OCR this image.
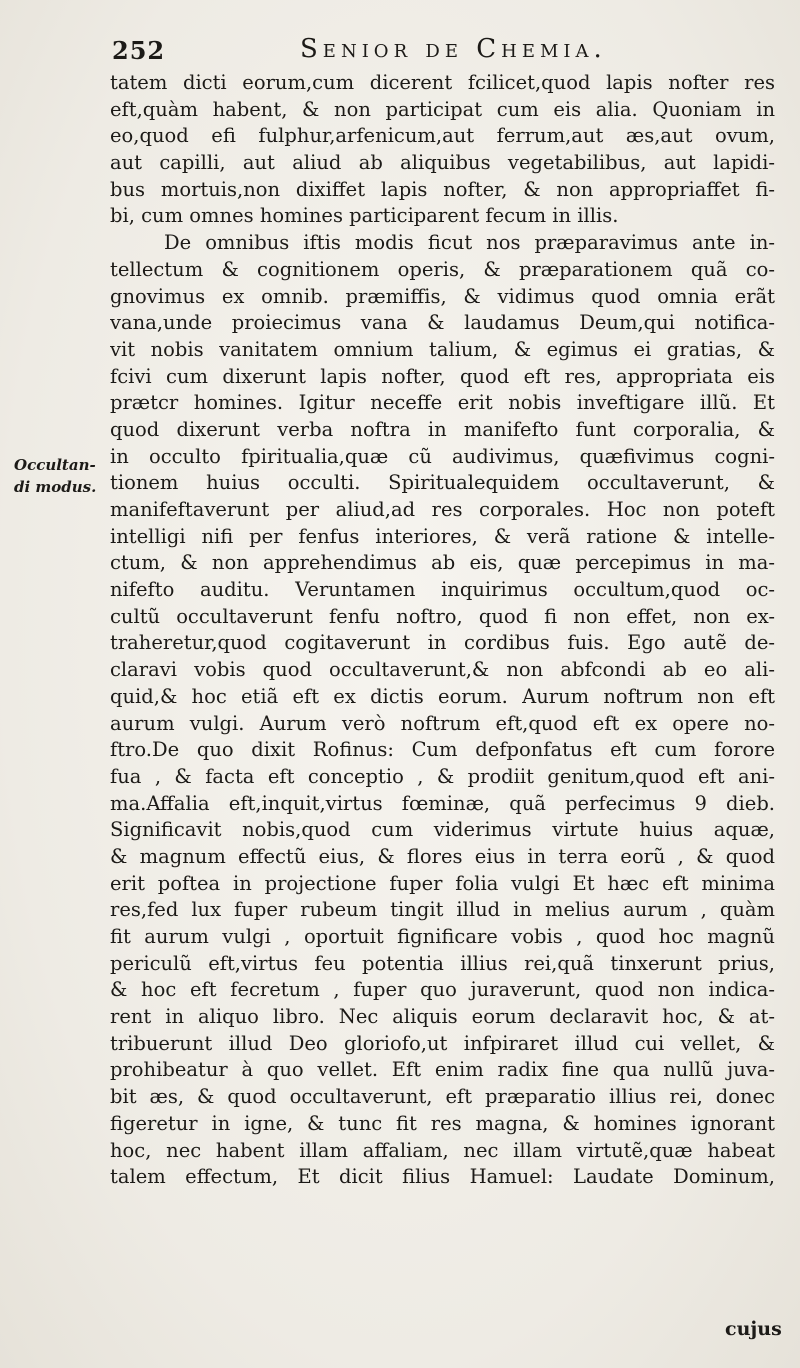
252	Senior de Chemia.
Occultan-
di modus.
tatem dicti eorum,cum dicerent fcilicet,quod lapis nofter res
eft,quàm habent, & non participat cum eis alia. Quoniam in
eo,quod efi fulphur,arfenicum,aut ferrum,aut æs,aut ovum,
aut capilli, aut aliud ab aliquibus vegetabilibus, aut lapidi-
bus mortuis,non dixiffet lapis nofter, & non appropriaffet fi-
bi, cum omnes homines participarent fecum in illis.
De omnibus iftis modis ficut nos præparavimus ante in-
tellectum & cognitionem operis, & præparationem quã co-
gnovimus ex omnib. præmiffis, & vidimus quod omnia erãt
vana,unde proiecimus vana & laudamus Deum,qui notifica-
vit nobis vanitatem omnium talium, & egimus ei gratias, &
fcivi cum dixerunt lapis nofter, quod eft res, appropriata eis
prætcr homines. Igitur neceffe erit nobis inveftigare illũ. Et
quod dixerunt verba noftra in manifefto funt corporalia, &
in occulto fpiritualia,quæ cũ audivimus, quæfivimus cogni-
tionem huius occulti. Spiritualequidem occultaverunt, &
manifeftaverunt per aliud,ad res corporales. Hoc non poteft
intelligi nifi per fenfus interiores, & verã ratione & intelle-
ctum, & non apprehendimus ab eis, quæ percepimus in ma-
nifefto auditu. Veruntamen inquirimus occultum,quod oc-
cultũ occultaverunt fenfu noftro, quod fi non effet, non ex-
traheretur,quod cogitaverunt in cordibus fuis. Ego autẽ de-
claravi vobis quod occultaverunt,& non abfcondi ab eo ali-
quid,& hoc etiã eft ex dictis eorum. Aurum noftrum non eft
aurum vulgi. Aurum verò noftrum eft,quod eft ex opere no-
ftro.De quo dixit Rofinus: Cum defponfatus eft cum forore
fua , & facta eft conceptio , & prodiit genitum,quod eft ani-
ma.Affalia eft,inquit,virtus fœminæ, quã perfecimus 9 dieb.
Significavit nobis,quod cum viderimus virtute huius aquæ,
& magnum effectũ eius, & flores eius in terra eorũ , & quod
erit poftea in projectione fuper folia vulgi Et hæc eft minima
res,fed lux fuper rubeum tingit illud in melius aurum , quàm
fit aurum vulgi , oportuit fignificare vobis , quod hoc magnũ
periculũ eft,virtus feu potentia illius rei,quã tinxerunt prius,
& hoc eft fecretum , fuper quo juraverunt, quod non indica-
rent in aliquo libro. Nec aliquis eorum declaravit hoc, & at-
tribuerunt illud Deo gloriofo,ut infpiraret illud cui vellet, &
prohibeatur à quo vellet. Eft enim radix fine qua nullũ juva-
bit æs, & quod occultaverunt, eft præparatio illius rei, donec
figeretur in igne, & tunc fit res magna, & homines ignorant
hoc, nec habent illam affaliam, nec illam virtutẽ,quæ habeat
talem effectum, Et dicit filius Hamuel: Laudate Dominum,
cujus
